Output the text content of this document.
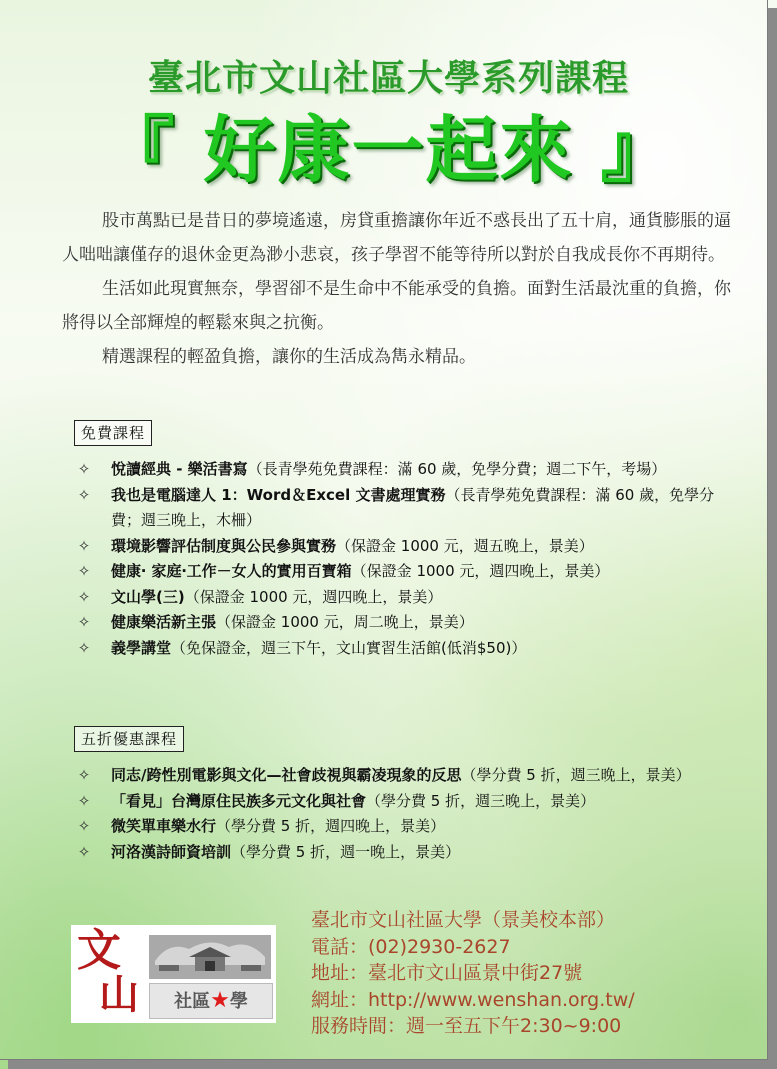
臺北市文山社區大學系列課程
『 好康一起來 』

股市萬點已是昔日的夢境遙遠，房貸重擔讓你年近不惑長出了五十肩，通貨膨脹的逼人咄咄讓僅存的退休金更為渺小悲哀，孩子學習不能等待所以對於自我成長你不再期待。

生活如此現實無奈，學習卻不是生命中不能承受的負擔。面對生活最沈重的負擔，你將得以全部輝煌的輕鬆來與之抗衡。

精選課程的輕盈負擔，讓你的生活成為雋永精品。

免費課程
✧ 悅讀經典 - 樂活書寫（長青學苑免費課程：滿 60 歲，免學分費；週二下午，考場）
✧ 我也是電腦達人 1：Word＆Excel 文書處理實務（長青學苑免費課程：滿 60 歲，免學分費；週三晚上，木柵）
✧ 環境影響評估制度與公民參與實務（保證金 1000 元，週五晚上，景美）
✧ 健康‧ 家庭‧工作－女人的實用百寶箱（保證金 1000 元，週四晚上，景美）
✧ 文山學(三)（保證金 1000 元，週四晚上，景美）
✧ 健康樂活新主張（保證金 1000 元，周二晚上，景美）
✧ 義學講堂（免保證金，週三下午，文山實習生活館(低消$50)）
五折優惠課程
✧ 同志/跨性別電影與文化—社會歧視與霸凌現象的反思（學分費 5 折，週三晚上，景美）
✧ 「看見」台灣原住民族多元文化與社會（學分費 5 折，週三晚上，景美）
✧ 微笑單車樂水行（學分費 5 折，週四晚上，景美）
✧ 河洛漢詩師資培訓（學分費 5 折，週一晚上，景美）
文
山	社區★學
臺北市文山社區大學（景美校本部）
電話：(02)2930-2627
地址：臺北市文山區景中街27號
網址：http://www.wenshan.org.tw/
服務時間：週一至五下午2:30~9:00
